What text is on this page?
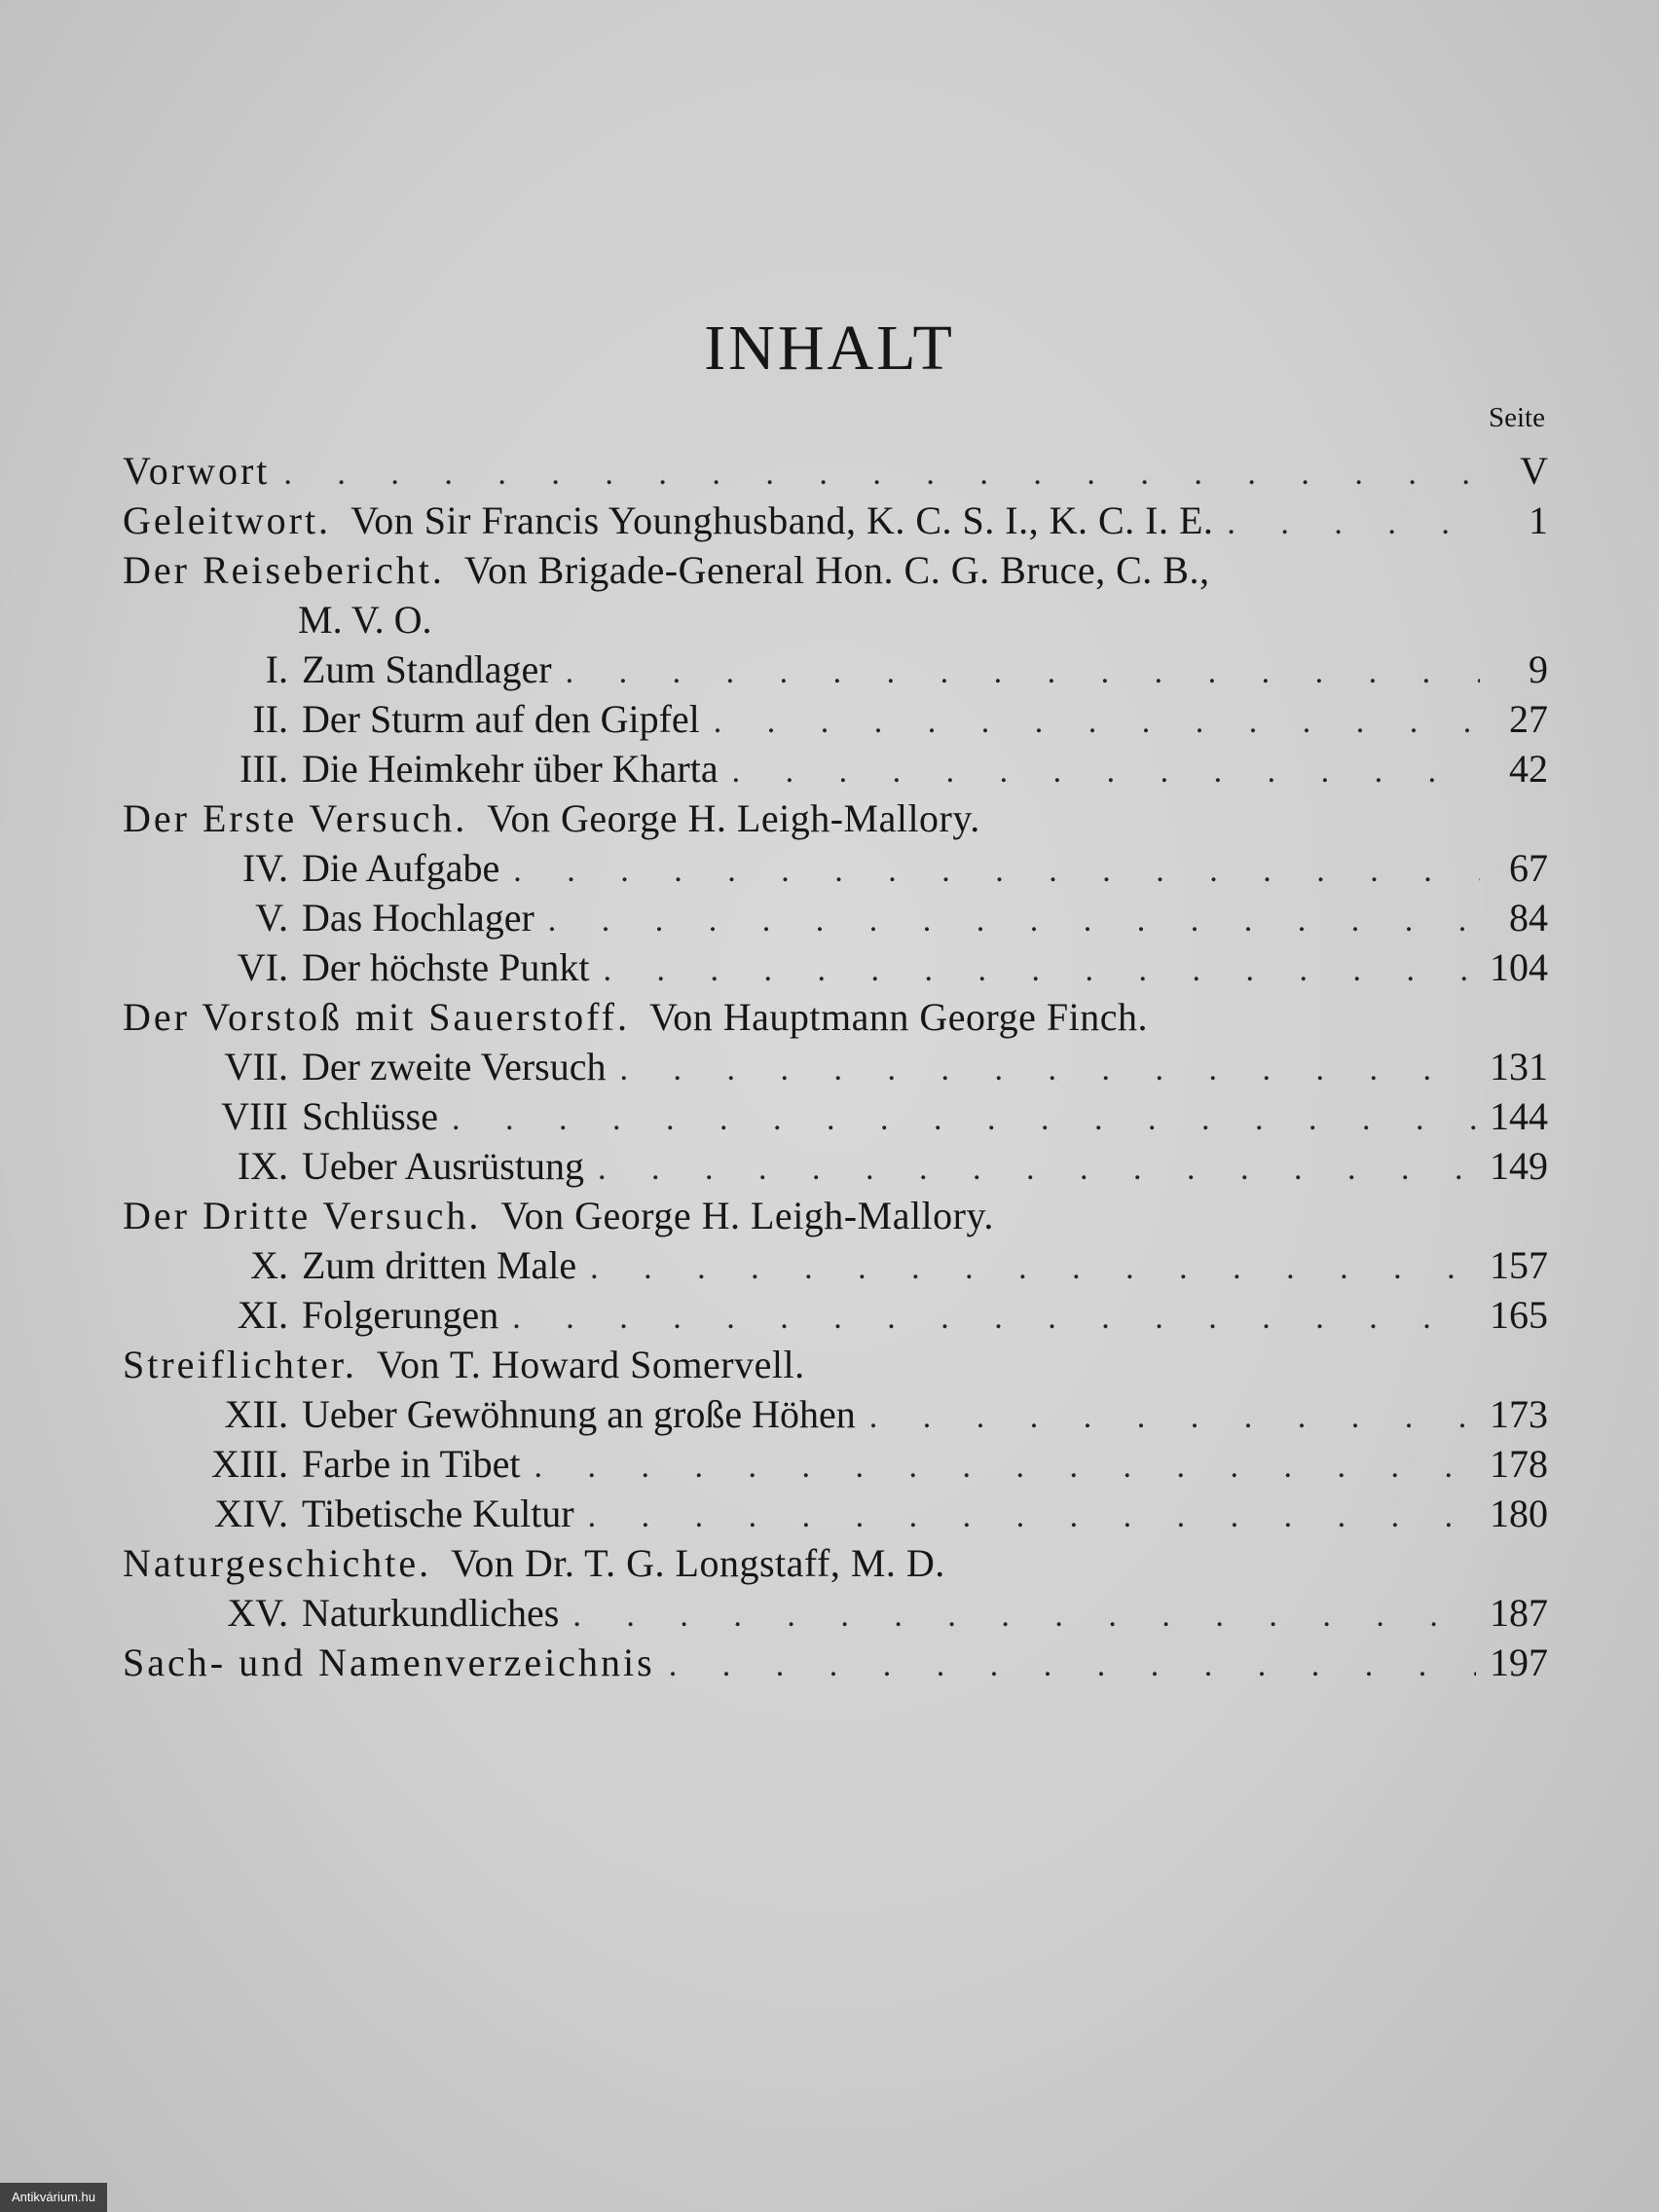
INHALT
Seite
Vorwort . . .	V
Geleitwort. Von Sir Francis Younghusband, K. C. S. I., K. C. I. E. . . .	1
Der Reisebericht. Von Brigade-General Hon. C. G. Bruce, C. B.,
M. V. O.
I. Zum Standlager . . .	9
II. Der Sturm auf den Gipfel . . .	27
III. Die Heimkehr über Kharta . . .	42
Der Erste Versuch. Von George H. Leigh-Mallory.
IV. Die Aufgabe . . .	67
V. Das Hochlager . . .	84
VI. Der höchste Punkt . . .	104
Der Vorstoß mit Sauerstoff. Von Hauptmann George Finch.
VII. Der zweite Versuch . . .	131
VIII Schlüsse . . .	144
IX. Ueber Ausrüstung . . .	149
Der Dritte Versuch. Von George H. Leigh-Mallory.
X. Zum dritten Male . . .	157
XI. Folgerungen . . .	165
Streiflichter. Von T. Howard Somervell.
XII. Ueber Gewöhnung an große Höhen . . .	173
XIII. Farbe in Tibet . . .	178
XIV. Tibetische Kultur . . .	180
Naturgeschichte. Von Dr. T. G. Longstaff, M. D.
XV. Naturkundliches . . .	187
Sach- und Namenverzeichnis . . .	197
Antikvárium.hu
